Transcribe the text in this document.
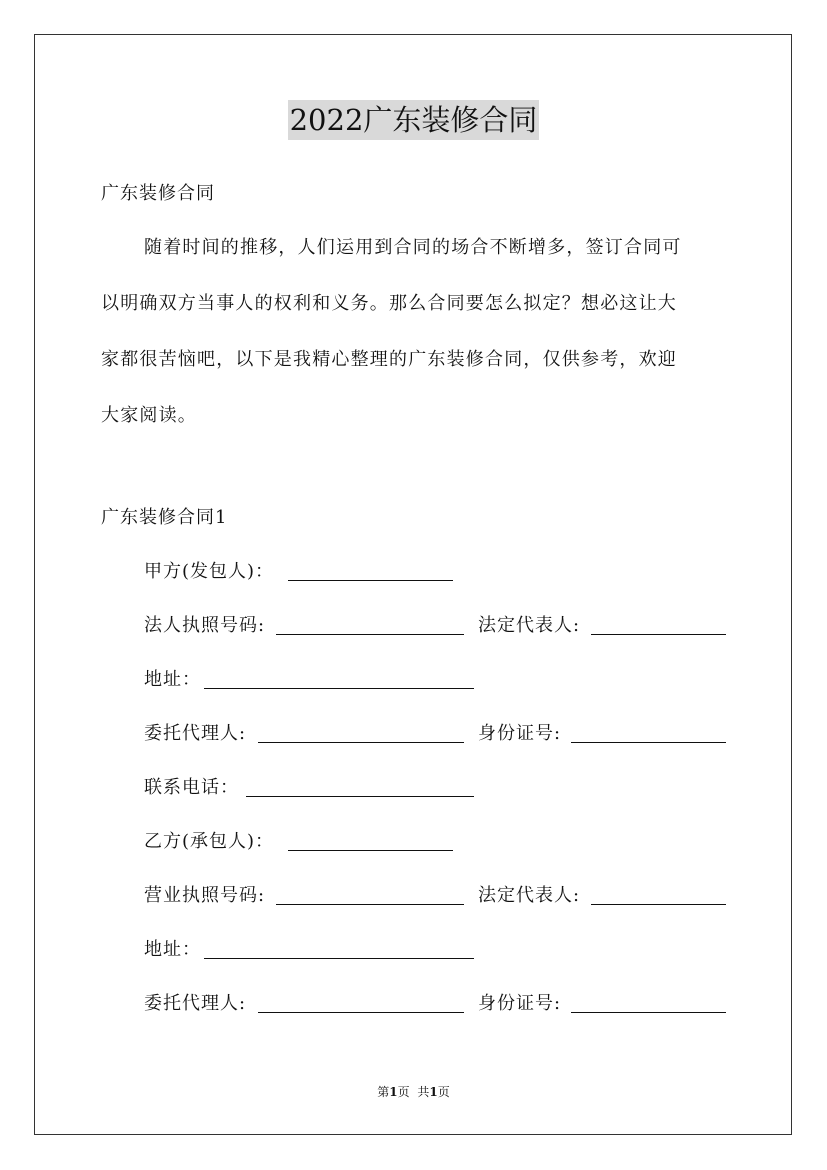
2022广东装修合同
广东装修合同
随着时间的推移，人们运用到合同的场合不断增多，签订合同可
以明确双方当事人的权利和义务。那么合同要怎么拟定？想必这让大
家都很苦恼吧，以下是我精心整理的广东装修合同，仅供参考，欢迎
大家阅读。
广东装修合同1
甲方(发包人)：
法人执照号码:	法定代表人:
地址：
委托代理人:	身份证号:
联系电话：
乙方(承包人)：
营业执照号码:	法定代表人:
地址：
委托代理人:	身份证号:
第1页 共1页
